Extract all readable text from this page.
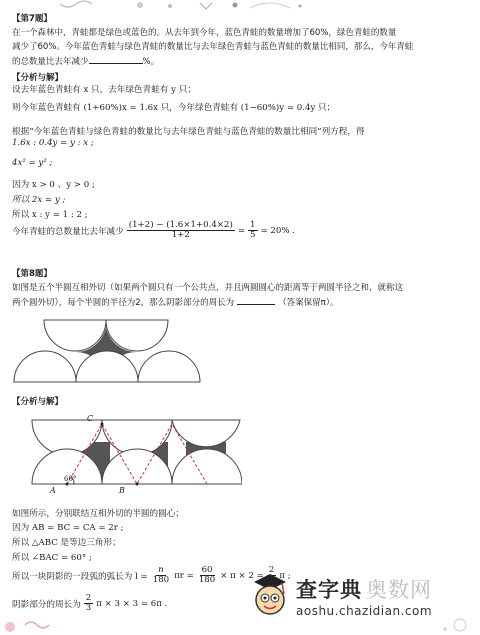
【第7题】
在一个森林中，青蛙都是绿色或蓝色的。从去年到今年，蓝色青蛙的数量增加了60%，绿色青蛙的数量
减少了60%。今年蓝色青蛙与绿色青蛙的数量比与去年绿色青蛙与蓝色青蛙的数量比相同，那么，今年青蛙
的总数量比去年减少	%。
【分析与解】
设去年蓝色青蛙有 x 只，去年绿色青蛙有 y 只；
则今年蓝色青蛙有 (1+60%)x = 1.6x 只，今年绿色青蛙有 (1−60%)y = 0.4y 只；
根据“今年蓝色青蛙与绿色青蛙的数量比与去年绿色青蛙与蓝色青蛙的数量比相同”列方程，得
1.6x : 0.4y = y : x ;
4x² = y² ;
因为 x > 0 、y > 0 ;
所以 2x = y ;
所以 x : y = 1 : 2 ;
今年青蛙的总数量比去年减少 $\frac{(1+2) - (1.6\times 1+0.4\times 2)}{1+2} = \frac{1}{5} = 20\%$ .
【第8题】
如图是五个半圆互相外切（如果两个圆只有一个公共点，并且两圆圆心的距离等于两圆半径之和，就称这
两个圆外切），每个半圆的半径为2，那么阴影部分的周长为	（答案保留π）。
【分析与解】
C
A	B
60°
如图所示，分别联结互相外切的半圆的圆心；
因为 AB = BC = CA = 2r ;
所以 △ABC 是等边三角形；
所以 ∠BAC = 60° ;
所以一块阴影的一段弧的弧长为 $l = \frac{n}{180}$ $\pi r = \frac{60}{180} \times \pi \times 2$ =
2
π ;
阴影部分的周长为 $\frac{2}{3}$ π × 3 × 3 = 6π .
查字典 奥数网
aoshu.chazidian.com
